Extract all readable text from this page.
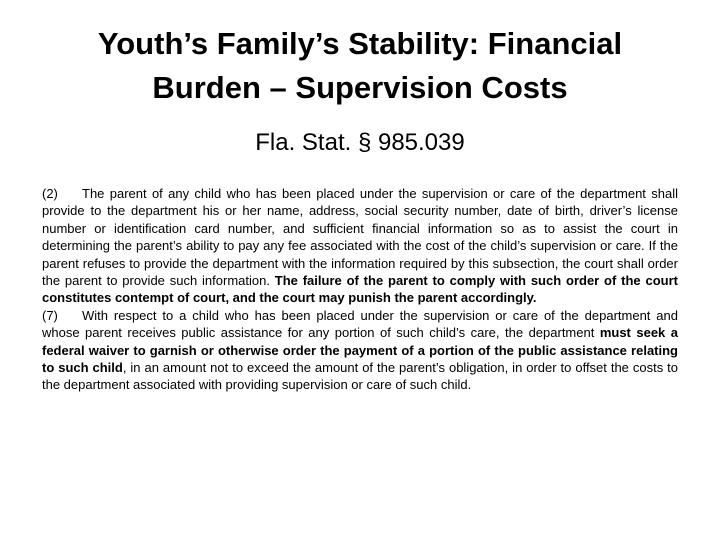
Youth’s Family’s Stability: Financial
Burden – Supervision Costs
Fla. Stat. § 985.039

(2) The parent of any child who has been placed under the supervision or care of the department shall provide to the department his or her name, address, social security number, date of birth, driver’s license number or identification card number, and sufficient financial information so as to assist the court in determining the parent’s ability to pay any fee associated with the cost of the child’s supervision or care. If the parent refuses to provide the department with the information required by this subsection, the court shall order the parent to provide such information. The failure of the parent to comply with such order of the court constitutes contempt of court, and the court may punish the parent accordingly.

(7) With respect to a child who has been placed under the supervision or care of the department and whose parent receives public assistance for any portion of such child’s care, the department must seek a federal waiver to garnish or otherwise order the payment of a portion of the public assistance relating to such child, in an amount not to exceed the amount of the parent’s obligation, in order to offset the costs to the department associated with providing supervision or care of such child.
